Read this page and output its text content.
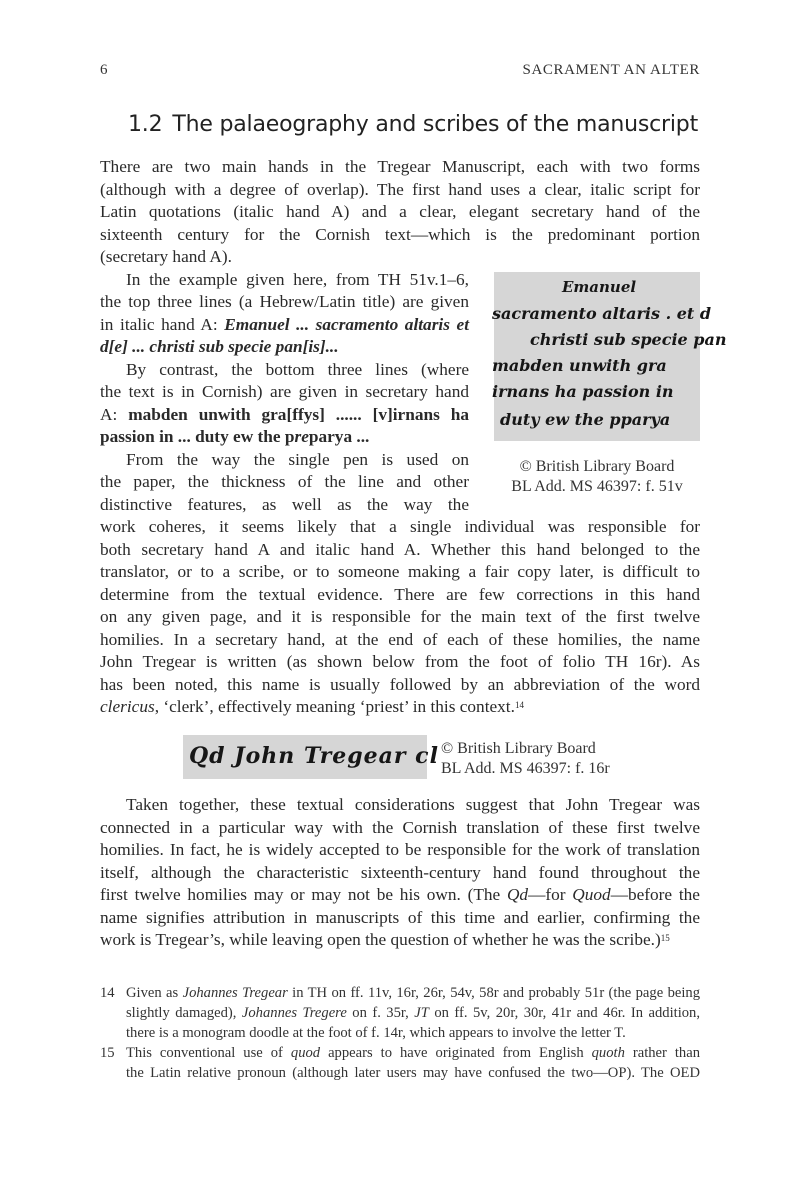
6	SACRAMENT AN ALTER
1.2 The palaeography and scribes of the manuscript
There are two main hands in the Tregear Manuscript, each with two forms
(although with a degree of overlap). The first hand uses a clear, italic script for
Latin quotations (italic hand A) and a clear, elegant secretary hand of the
sixteenth century for the Cornish text—which is the predominant portion
(secretary hand A).
In the example given here, from TH 51v.1–6,
the top three lines (a Hebrew/Latin title) are given
in italic hand A: Emanuel ... sacramento altaris et
d[e] ... christi sub specie pan[is]...
By contrast, the bottom three lines (where
the text is in Cornish) are given in secretary hand
A: mabden unwith gra[ffys] ...... [v]irnans ha
passion in ... duty ew the preparya ...
Emanuel
sacramento altaris . et d
christi sub specie pan
mabden unwith gra
irnans ha passion in
duty ew the pparya
© British Library Board
BL Add. MS 46397: f. 51v
From the way the single pen is used on
the paper, the thickness of the line and other
distinctive features, as well as the way the
work coheres, it seems likely that a single individual was responsible for
both secretary hand A and italic hand A. Whether this hand belonged to the
translator, or to a scribe, or to someone making a fair copy later, is difficult to
determine from the textual evidence. There are few corrections in this hand
on any given page, and it is responsible for the main text of the first twelve
homilies. In a secretary hand, at the end of each of these homilies, the name
John Tregear is written (as shown below from the foot of folio TH 16r). As
has been noted, this name is usually followed by an abbreviation of the word
clericus, ‘clerk’, effectively meaning ‘priest’ in this context.$^{14}$
Qd John Tregear cl © British Library Board
BL Add. MS 46397: f. 16r
Taken together, these textual considerations suggest that John Tregear was
connected in a particular way with the Cornish translation of these first twelve
homilies. In fact, he is widely accepted to be responsible for the work of translation
itself, although the characteristic sixteenth-century hand found throughout the
first twelve homilies may or may not be his own. (The Qd—for Quod—before the
name signifies attribution in manuscripts of this time and earlier, confirming the
work is Tregear’s, while leaving open the question of whether he was the scribe.)$^{15}$
14 Given as Johannes Tregear in TH on ff. 11v, 16r, 26r, 54v, 58r and probably 51r (the page being
slightly damaged), Johannes Tregere on f. 35r, JT on ff. 5v, 20r, 30r, 41r and 46r. In addition,
there is a monogram doodle at the foot of f. 14r, which appears to involve the letter T.
15 This conventional use of quod appears to have originated from English quoth rather than
the Latin relative pronoun (although later users may have confused the two—OP). The OED
